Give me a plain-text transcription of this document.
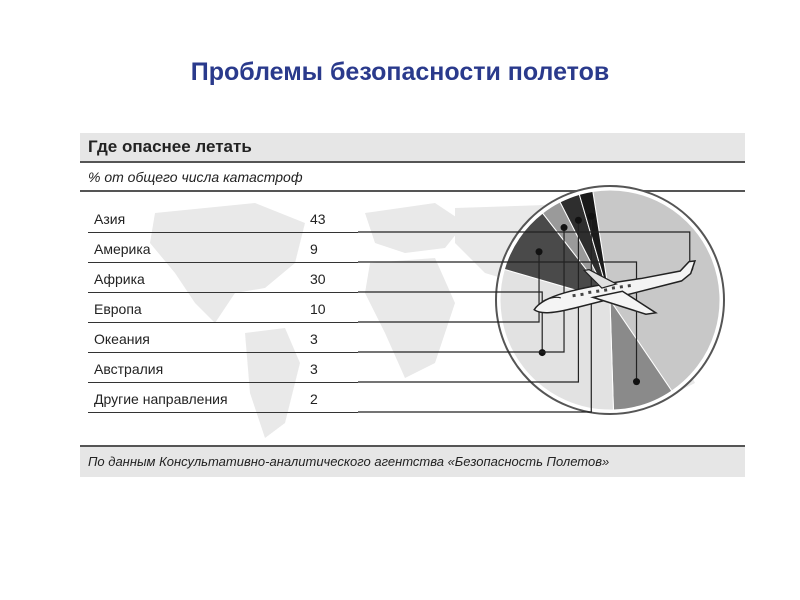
Проблемы безопасности полетов
Где опаснее летать
% от общего числа катастроф
Азия	43
Америка	9
Африка	30
Европа	10
Океания	3
Австралия	3
Другие направления	2
По данным Консультативно-аналитического агентства «Безопасность Полетов»
